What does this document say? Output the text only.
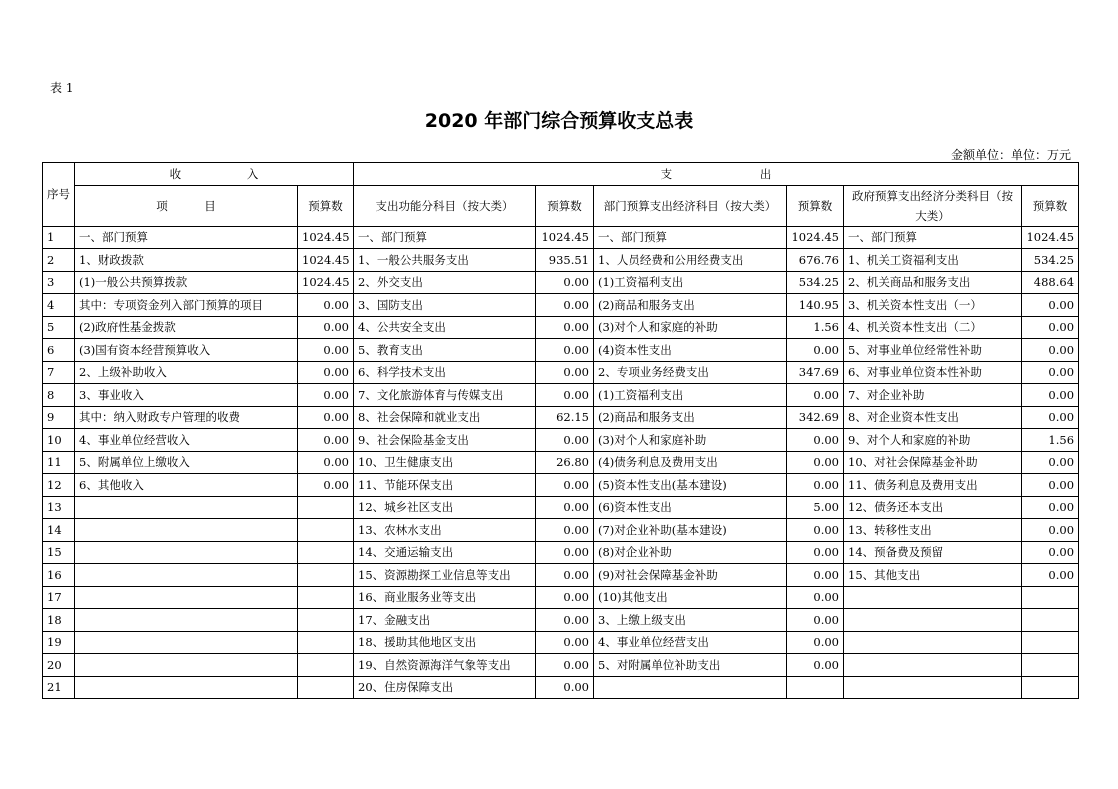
表 1
2020 年部门综合预算收支总表
金额单位：单位：万元
序号	收                  入		支                        出					
	项          目	预算数	支出功能分科目（按大类）	预算数	部门预算支出经济科目（按大类）	预算数	政府预算支出经济分类科目（按大类）	预算数
1	一、部门预算	1024.45	一、部门预算	1024.45	一、部门预算	1024.45	一、部门预算	1024.45
2	1、财政拨款	1024.45	1、一般公共服务支出	935.51	1、人员经费和公用经费支出	676.76	1、机关工资福利支出	534.25
3	(1)一般公共预算拨款	1024.45	2、外交支出	0.00	(1)工资福利支出	534.25	2、机关商品和服务支出	488.64
4	其中：专项资金列入部门预算的项目	0.00	3、国防支出	0.00	(2)商品和服务支出	140.95	3、机关资本性支出（一）	0.00
5	(2)政府性基金拨款	0.00	4、公共安全支出	0.00	(3)对个人和家庭的补助	1.56	4、机关资本性支出（二）	0.00
6	(3)国有资本经营预算收入	0.00	5、教育支出	0.00	(4)资本性支出	0.00	5、对事业单位经常性补助	0.00
7	2、上级补助收入	0.00	6、科学技术支出	0.00	2、专项业务经费支出	347.69	6、对事业单位资本性补助	0.00
8	3、事业收入	0.00	7、文化旅游体育与传媒支出	0.00	(1)工资福利支出	0.00	7、对企业补助	0.00
9	其中：纳入财政专户管理的收费	0.00	8、社会保障和就业支出	62.15	(2)商品和服务支出	342.69	8、对企业资本性支出	0.00
10	4、事业单位经营收入	0.00	9、社会保险基金支出	0.00	(3)对个人和家庭补助	0.00	9、对个人和家庭的补助	1.56
11	5、附属单位上缴收入	0.00	10、卫生健康支出	26.80	(4)债务利息及费用支出	0.00	10、对社会保障基金补助	0.00
12	6、其他收入	0.00	11、节能环保支出	0.00	(5)资本性支出(基本建设)	0.00	11、债务利息及费用支出	0.00
13			12、城乡社区支出	0.00	(6)资本性支出	5.00	12、债务还本支出	0.00
14			13、农林水支出	0.00	(7)对企业补助(基本建设)	0.00	13、转移性支出	0.00
15			14、交通运输支出	0.00	(8)对企业补助	0.00	14、预备费及预留	0.00
16			15、资源勘探工业信息等支出	0.00	(9)对社会保障基金补助	0.00	15、其他支出	0.00
17			16、商业服务业等支出	0.00	(10)其他支出	0.00		
18			17、金融支出	0.00	3、上缴上级支出	0.00		
19			18、援助其他地区支出	0.00	4、事业单位经营支出	0.00		
20			19、自然资源海洋气象等支出	0.00	5、对附属单位补助支出	0.00		
21			20、住房保障支出	0.00				
